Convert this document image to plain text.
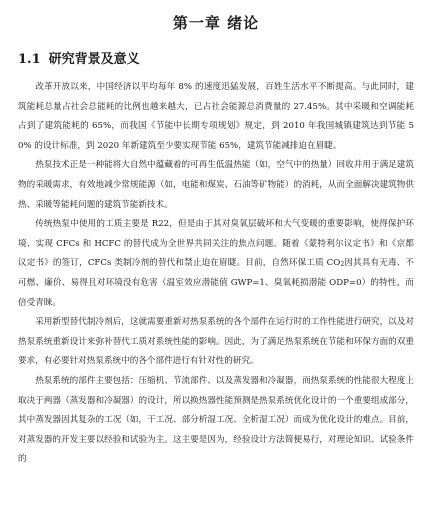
第一章 绪论
1.1 研究背景及意义

改革开放以来，中国经济以平均每年 8% 的速度迅猛发展，百姓生活水平不断提高。与此同时，建筑能耗总量占社会总能耗的比例也越来越大，已占社会能源总消费量的 27.45%。其中采暖和空调能耗占到了建筑能耗的 65%，而我国《节能中长期专项规划》规定，到 2010 年我国城镇建筑达到节能 50% 的设计标准，到 2020 年新建筑至少要实现节能 65%，建筑节能减排迫在眉睫。

热泵技术正是一种能将大自然中蕴藏着的可再生低温热能（如，空气中的热量）回收并用于满足建筑物的采暖需求，有效地减少常规能源（如，电能和煤炭、石油等矿物能）的消耗，从而全面解决建筑物供热、采暖等能耗问题的建筑节能新技术。

传统热泵中使用的工质主要是 R22，但是由于其对臭氧层破坏和大气变暖的重要影响，使得保护环境、实现 CFCs 和 HCFC 的替代成为全世界共同关注的焦点问题。随着《蒙特利尔议定书》和《京都议定书》的签订，CFCs 类制冷剂的替代和禁止迫在眉睫。目前，自然环保工质 $CO_2$因其具有无毒、不可燃、廉价、易得且对环境没有危害（温室效应潜能值 GWP=1、臭氧耗损潜能 ODP=0）的特性，而倍受青睐。

采用新型替代制冷剂后，这就需要重新对热泵系统的各个部件在运行时的工作性能进行研究，以及对热泵系统重新设计来弥补替代工质对系统性能的影响。因此，为了满足热泵系统在节能和环保方面的双重要求，有必要针对热泵系统中的各个部件进行有针对性的研究。

热泵系统的部件主要包括：压缩机、节流部件、以及蒸发器和冷凝器，而热泵系统的性能很大程度上取决于两器（蒸发器和冷凝器）的设计，所以换热器性能预测是热泵系统优化设计的一个重要组成部分，其中蒸发器因其复杂的工况（如，干工况、部分析湿工况、全析湿工况）而成为优化设计的难点。目前，对蒸发器的开发主要以经验和试验为主。这主要是因为，经验设计方法简便易行，对理论知识、试验条件的
